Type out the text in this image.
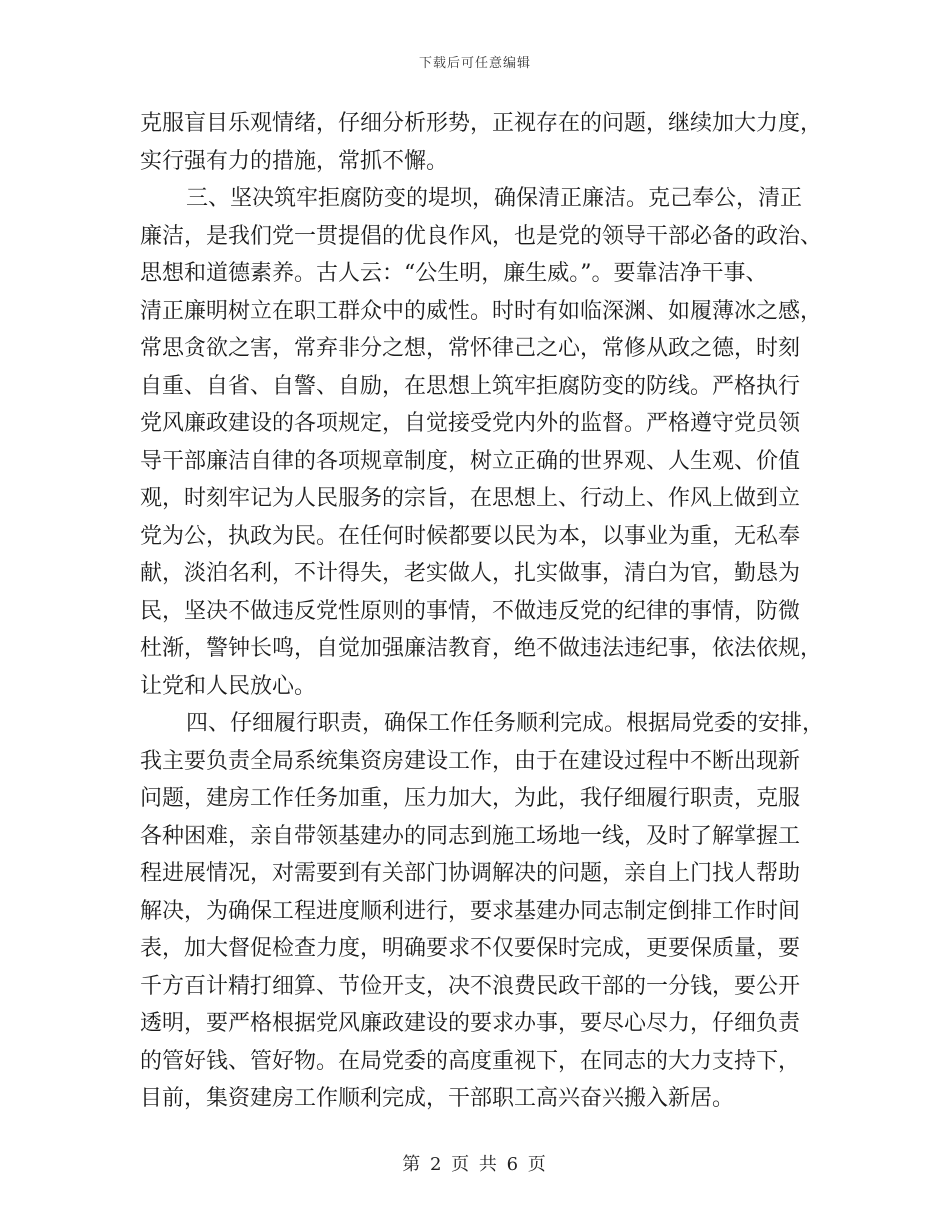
下载后可任意编辑
克服盲目乐观情绪，仔细分析形势，正视存在的问题，继续加大力度，
实行强有力的措施，常抓不懈。
三、坚决筑牢拒腐防变的堤坝，确保清正廉洁。克己奉公，清正
廉洁，是我们党一贯提倡的优良作风，也是党的领导干部必备的政治、
思想和道德素养。古人云：“公生明，廉生威。”。要靠洁净干事、
清正廉明树立在职工群众中的威性。时时有如临深渊、如履薄冰之感，
常思贪欲之害，常弃非分之想，常怀律己之心，常修从政之德，时刻
自重、自省、自警、自励，在思想上筑牢拒腐防变的防线。严格执行
党风廉政建设的各项规定，自觉接受党内外的监督。严格遵守党员领
导干部廉洁自律的各项规章制度，树立正确的世界观、人生观、价值
观，时刻牢记为人民服务的宗旨，在思想上、行动上、作风上做到立
党为公，执政为民。在任何时候都要以民为本，以事业为重，无私奉
献，淡泊名利，不计得失，老实做人，扎实做事，清白为官，勤恳为
民，坚决不做违反党性原则的事情，不做违反党的纪律的事情，防微
杜渐，警钟长鸣，自觉加强廉洁教育，绝不做违法违纪事，依法依规，
让党和人民放心。
四、仔细履行职责，确保工作任务顺利完成。根据局党委的安排，
我主要负责全局系统集资房建设工作，由于在建设过程中不断出现新
问题，建房工作任务加重，压力加大，为此，我仔细履行职责，克服
各种困难，亲自带领基建办的同志到施工场地一线，及时了解掌握工
程进展情况，对需要到有关部门协调解决的问题，亲自上门找人帮助
解决，为确保工程进度顺利进行，要求基建办同志制定倒排工作时间
表，加大督促检查力度，明确要求不仅要保时完成，更要保质量，要
千方百计精打细算、节俭开支，决不浪费民政干部的一分钱，要公开
透明，要严格根据党风廉政建设的要求办事，要尽心尽力，仔细负责
的管好钱、管好物。在局党委的高度重视下，在同志的大力支持下，
目前，集资建房工作顺利完成，干部职工高兴奋兴搬入新居。
第 2 页 共 6 页
